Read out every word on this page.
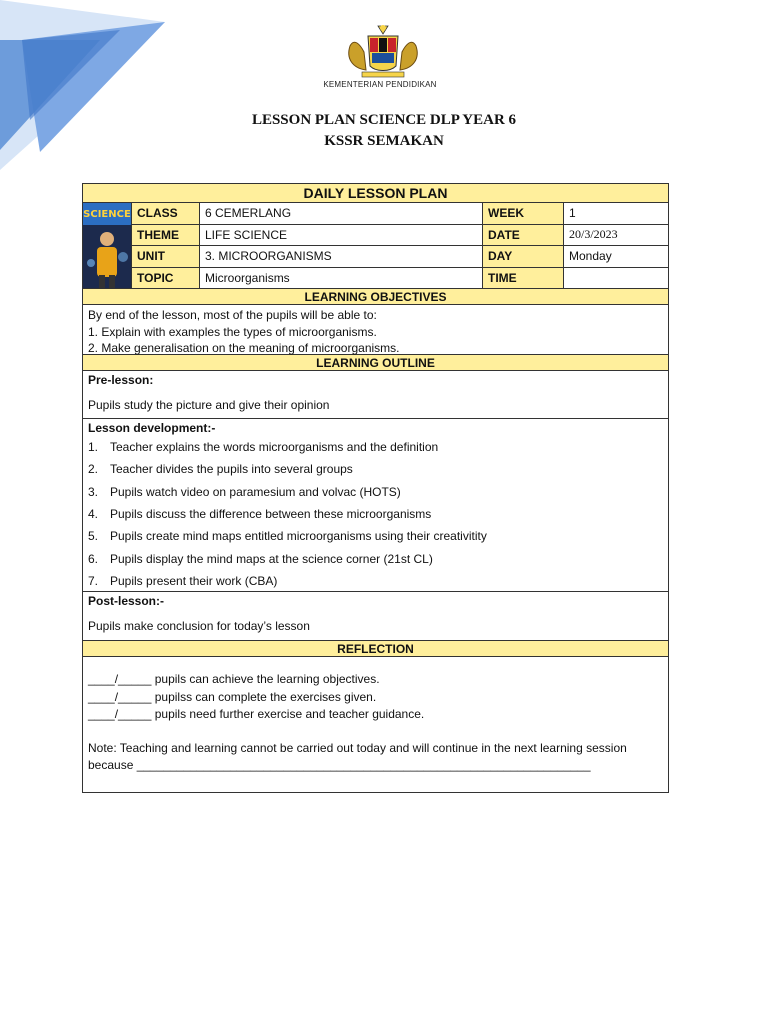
KEMENTERIAN PENDIDIKAN
LESSON PLAN SCIENCE DLP YEAR 6
KSSR SEMAKAN
DAILY LESSON PLAN
SCIENCE CLASS	6 CEMERLANG	WEEK	1
THEME	LIFE SCIENCE	DATE	20/3/2023
UNIT	3. MICROORGANISMS	DAY	Monday
TOPIC	Microorganisms	TIME
LEARNING OBJECTIVES
By end of the lesson, most of the pupils will be able to:
1. Explain with examples the types of microorganisms.
2. Make generalisation on the meaning of microorganisms.
LEARNING OUTLINE
Pre-lesson:
Pupils study the picture and give their opinion
Lesson development:-
1. Teacher explains the words microorganisms and the definition
2. Teacher divides the pupils into several groups
3. Pupils watch video on paramesium and volvac (HOTS)
4. Pupils discuss the difference between these microorganisms
5. Pupils create mind maps entitled microorganisms using their creativitity
6. Pupils display the mind maps at the science corner (21st CL)
7. Pupils present their work (CBA)
Post-lesson:-
Pupils make conclusion for today’s lesson
REFLECTION
____/_____ pupils can achieve the learning objectives.
____/_____ pupilss can complete the exercises given.
____/_____ pupils need further exercise and teacher guidance.
Note: Teaching and learning cannot be carried out today and will continue in the next learning session
because ____________________________________________________________________
